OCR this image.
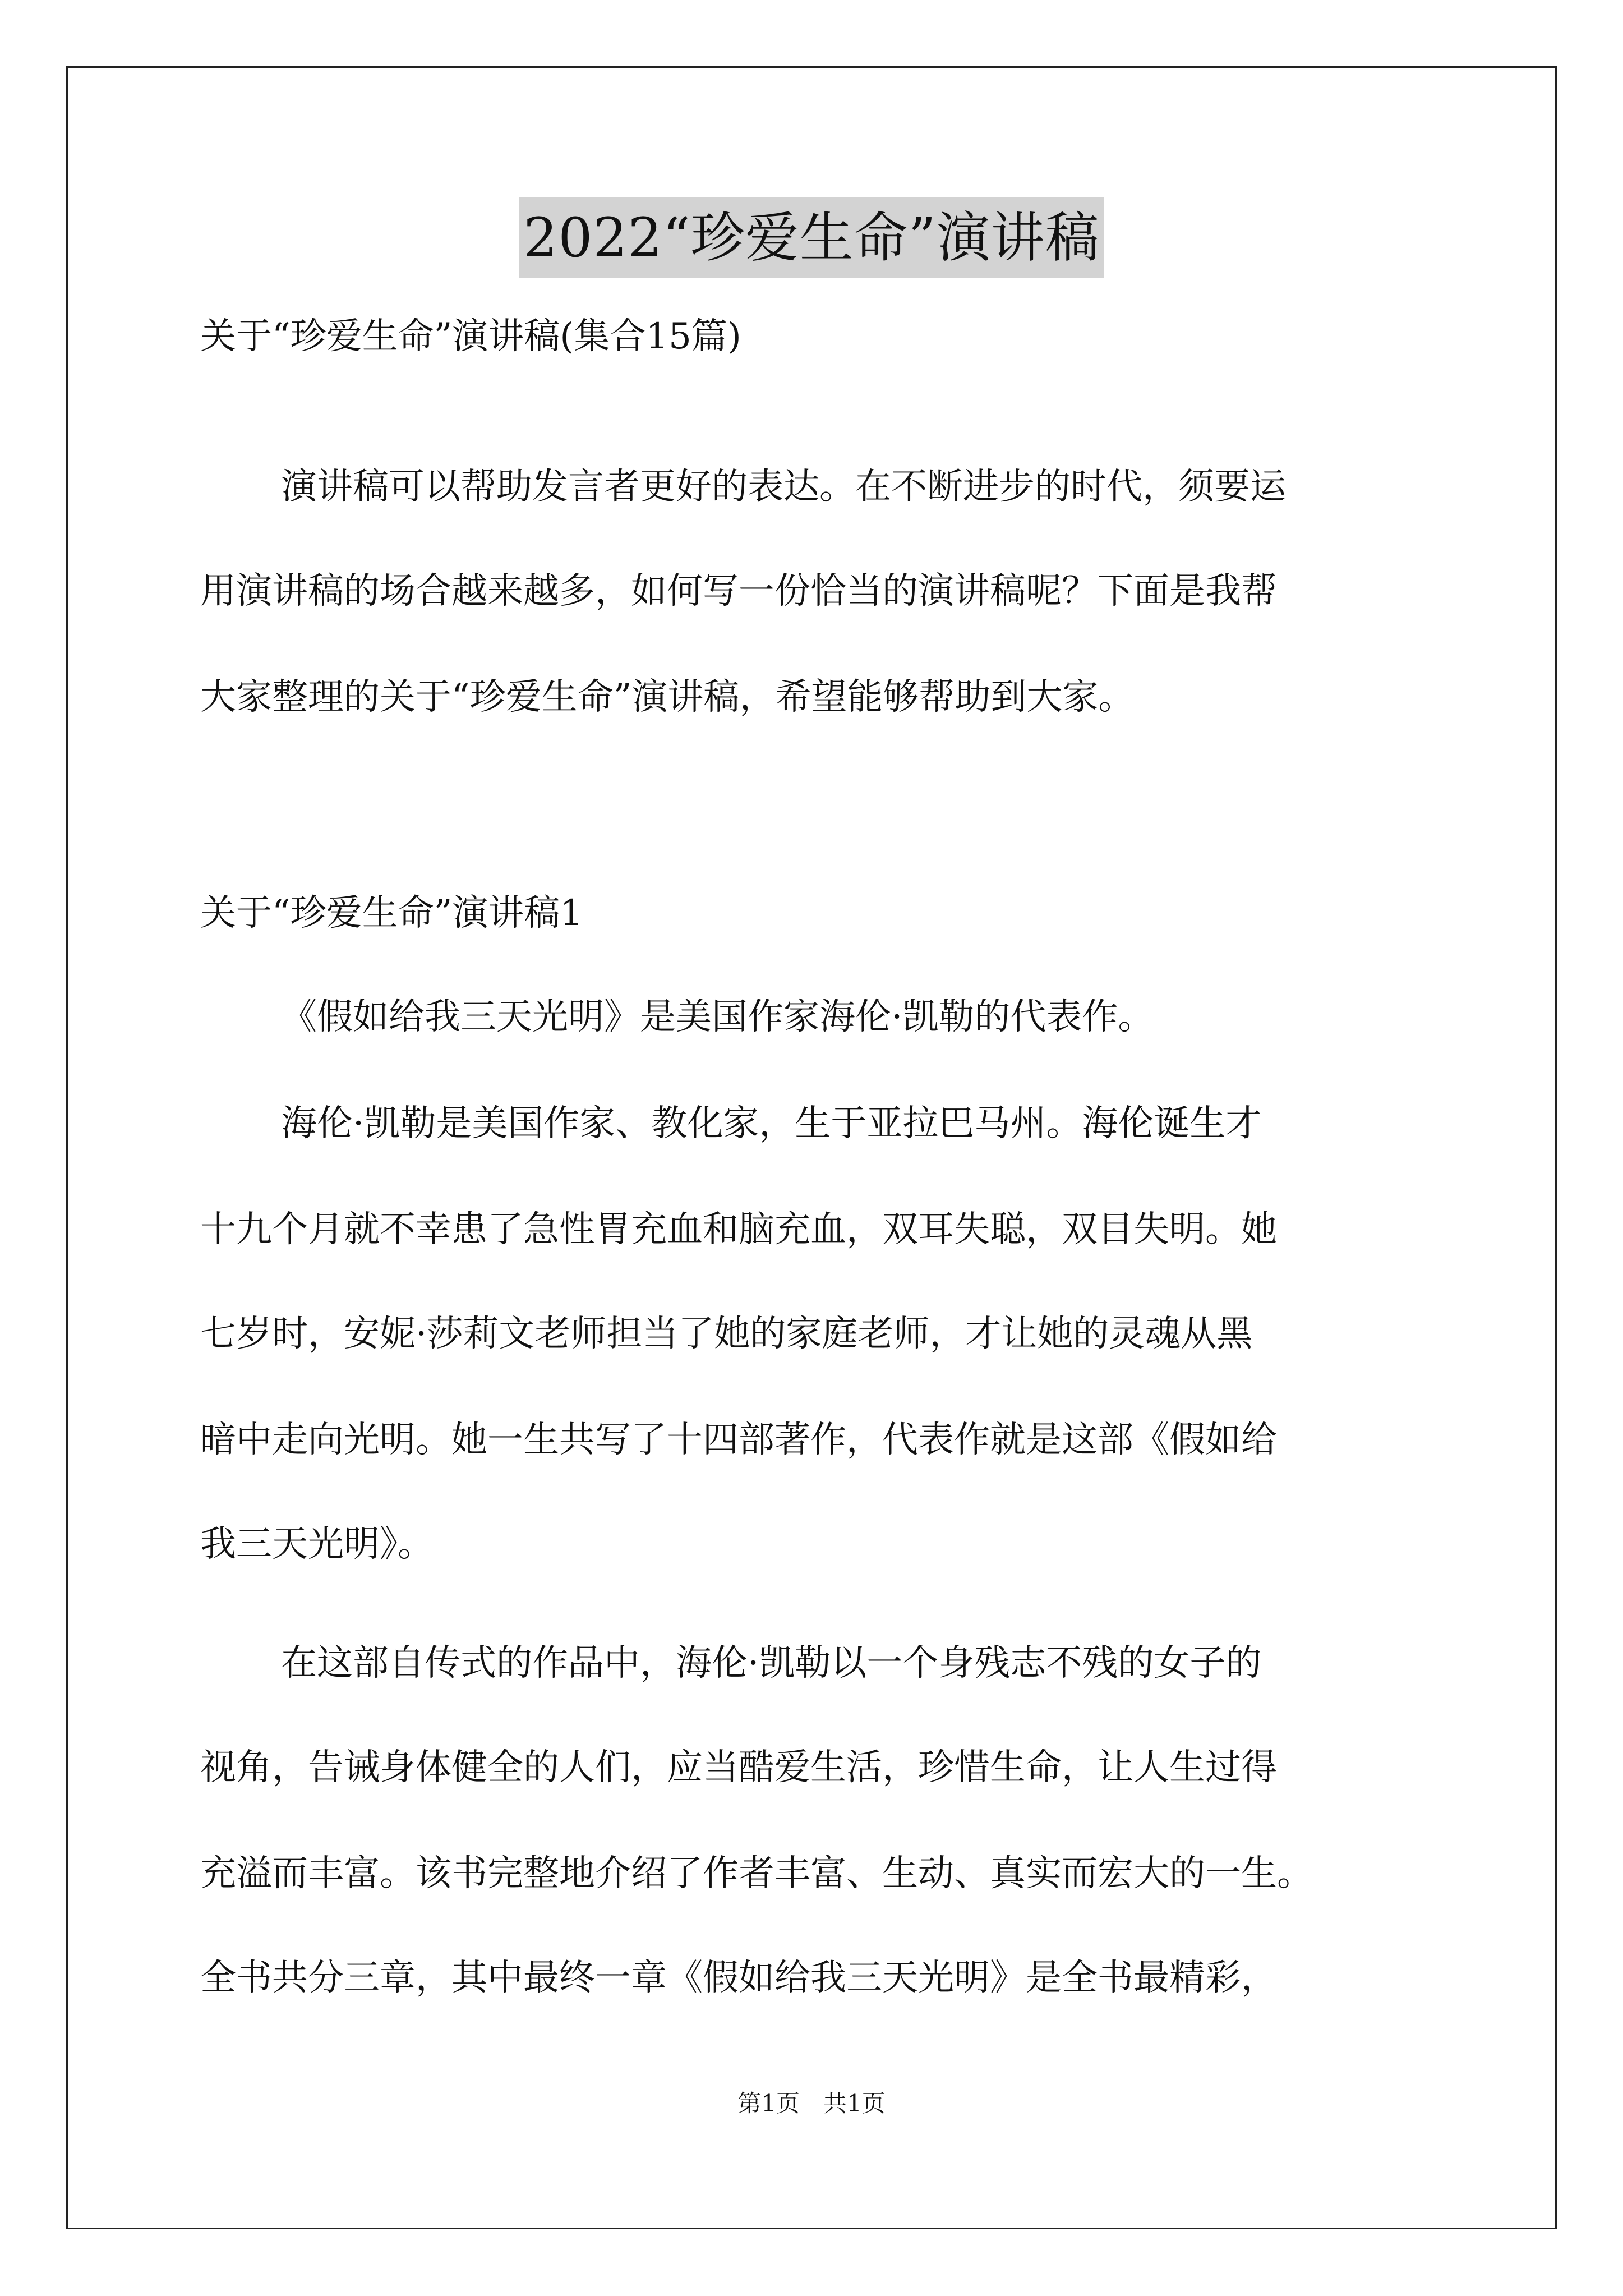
2022“珍爱生命”演讲稿
关于“珍爱生命”演讲稿(集合15篇)
演讲稿可以帮助发言者更好的表达。在不断进步的时代，须要运
用演讲稿的场合越来越多，如何写一份恰当的演讲稿呢？下面是我帮
大家整理的关于“珍爱生命”演讲稿，希望能够帮助到大家。
关于“珍爱生命”演讲稿1
《假如给我三天光明》是美国作家海伦·凯勒的代表作。
海伦·凯勒是美国作家、教化家，生于亚拉巴马州。海伦诞生才
十九个月就不幸患了急性胃充血和脑充血，双耳失聪，双目失明。她
七岁时，安妮·莎莉文老师担当了她的家庭老师，才让她的灵魂从黑
暗中走向光明。她一生共写了十四部著作，代表作就是这部《假如给
我三天光明》。
在这部自传式的作品中，海伦·凯勒以一个身残志不残的女子的
视角，告诫身体健全的人们，应当酷爱生活，珍惜生命，让人生过得
充溢而丰富。该书完整地介绍了作者丰富、生动、真实而宏大的一生。
全书共分三章，其中最终一章《假如给我三天光明》是全书最精彩，
第1页　共1页
